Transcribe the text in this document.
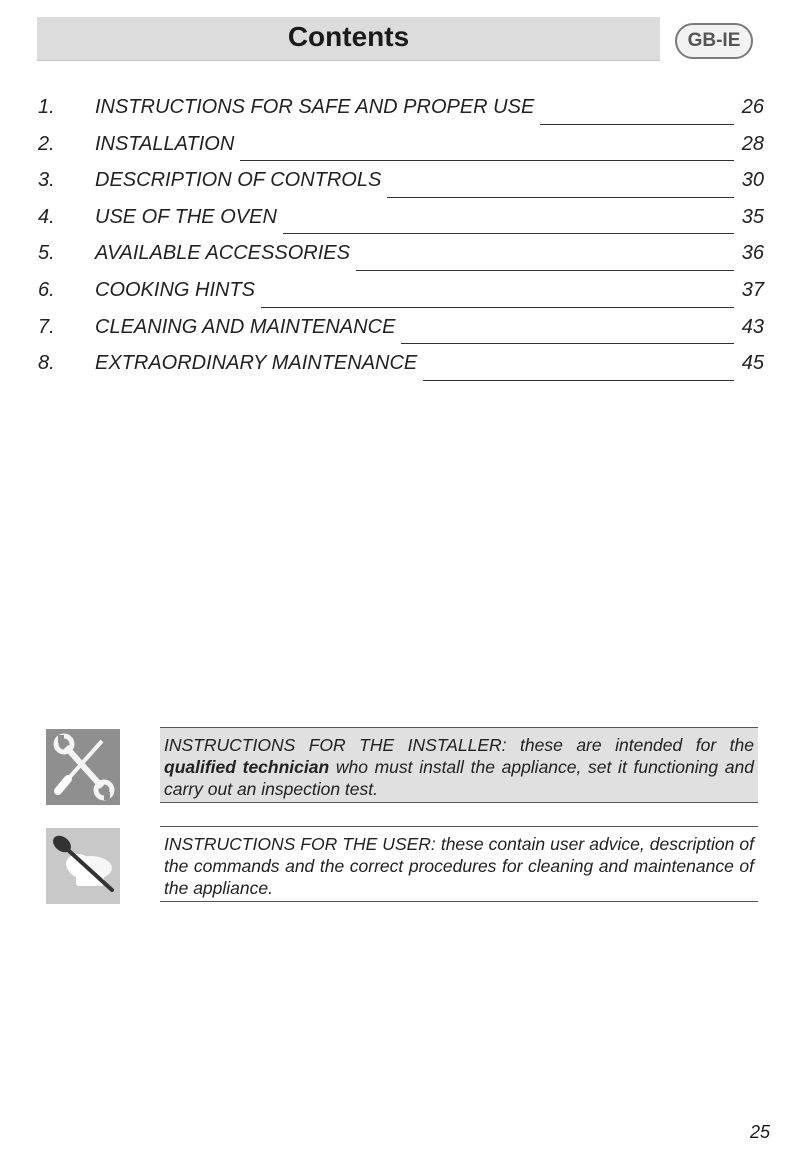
Contents	GB-IE
1.	INSTRUCTIONS FOR SAFE AND PROPER USE	26
2.	INSTALLATION	28
3.	DESCRIPTION OF CONTROLS	30
4.	USE OF THE OVEN	35
5.	AVAILABLE ACCESSORIES	36
6.	COOKING HINTS	37
7.	CLEANING AND MAINTENANCE	43
8.	EXTRAORDINARY MAINTENANCE	45
INSTRUCTIONS FOR THE INSTALLER: these are intended for the qualified technician who must install the appliance, set it functioning and carry out an inspection test.
INSTRUCTIONS FOR THE USER: these contain user advice, description of the commands and the correct procedures for cleaning and maintenance of the appliance.
25
